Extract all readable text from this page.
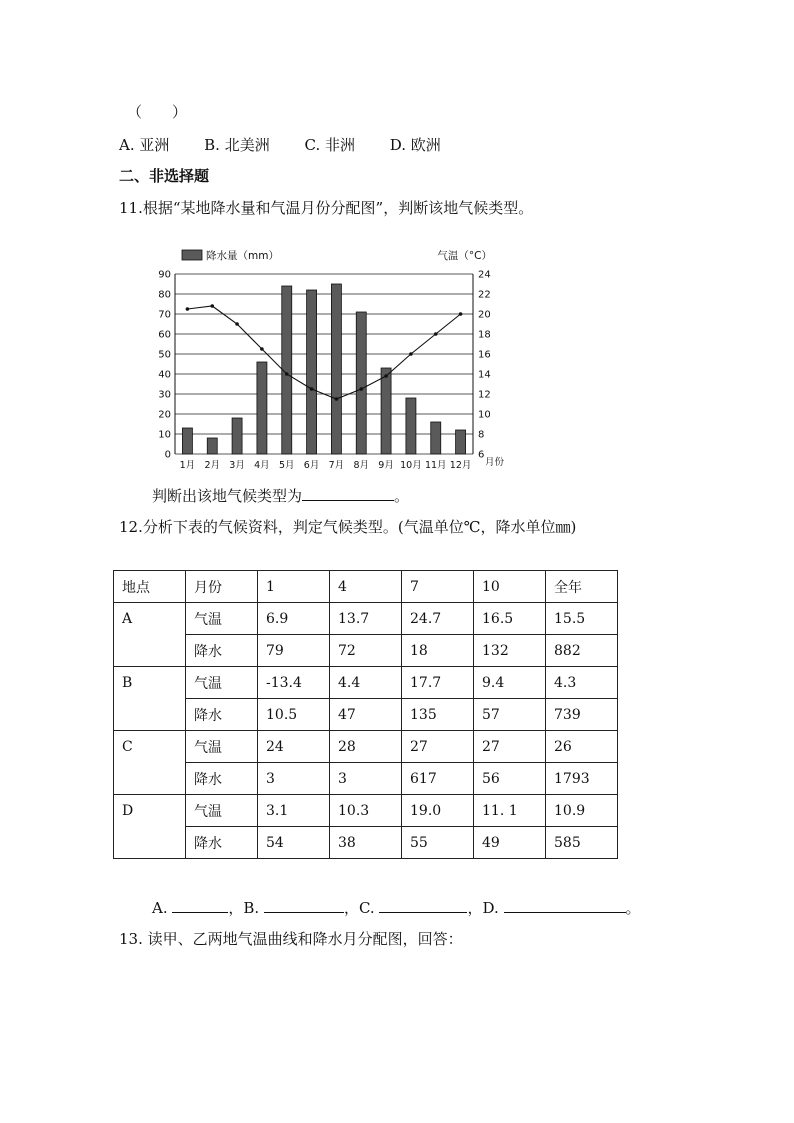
（　　）
A. 亚洲 B. 北美洲 C. 非洲 D. 欧洲
二、非选择题
11.根据“某地降水量和气温月份分配图”，判断该地气候类型。
0
10
20
30
40
50
60
70
80
90
6
8
10
12
14
16
18
20
22
24
1月 2月 3月 4月 5月 6月 7月 8月 9月 10月 11月 12月 月份
降水量（mm）	气温（°C）
判断出该地气候类型为	。
12.分析下表的气候资料，判定气候类型。(气温单位℃，降水单位㎜)
地点	月份	1	4	7	10	全年
A	气温	6.9	13.7	24.7	16.5	15.5
	降水	79	72	18	132	882
B	气温	-13.4	4.4	17.7	9.4	4.3
	降水	10.5	47	135	57	739
C	气温	24	28	27	27	26
	降水	3	3	617	56	1793
D	气温	3.1	10.3	19.0	11. 1	10.9
	降水	54	38	55	49	585
A.	，B.	，C.	，D.	。
13. 读甲、乙两地气温曲线和降水月分配图，回答：
